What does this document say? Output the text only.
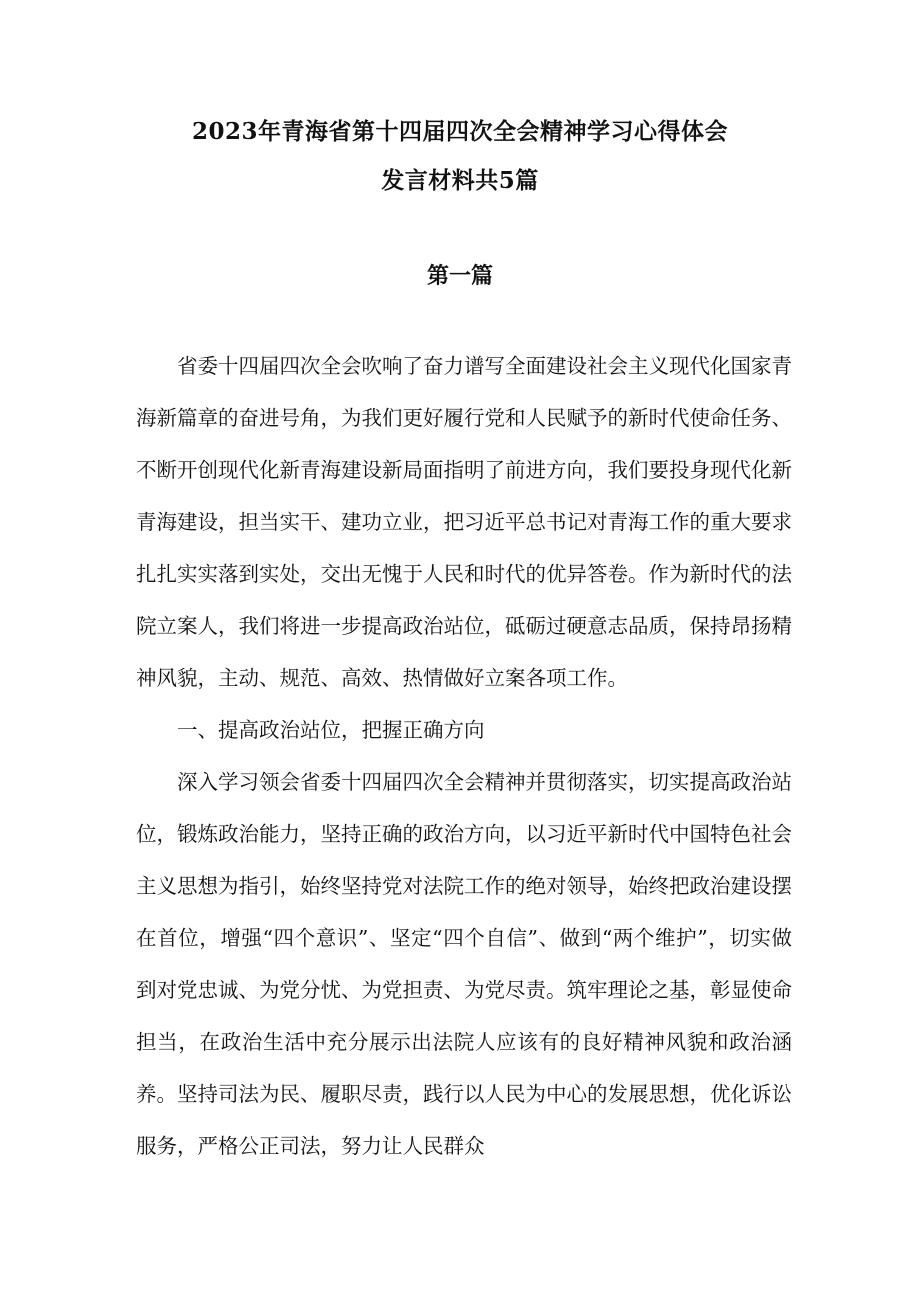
2023年青海省第十四届四次全会精神学习心得体会
发言材料共5篇
第一篇

省委十四届四次全会吹响了奋力谱写全面建设社会主义现代化国家青海新篇章的奋进号角，为我们更好履行党和人民赋予的新时代使命任务、不断开创现代化新青海建设新局面指明了前进方向，我们要投身现代化新青海建设，担当实干、建功立业，把习近平总书记对青海工作的重大要求扎扎实实落到实处，交出无愧于人民和时代的优异答卷。作为新时代的法院立案人，我们将进一步提高政治站位，砥砺过硬意志品质，保持昂扬精神风貌，主动、规范、高效、热情做好立案各项工作。

一、提高政治站位，把握正确方向

深入学习领会省委十四届四次全会精神并贯彻落实，切实提高政治站位，锻炼政治能力，坚持正确的政治方向，以习近平新时代中国特色社会主义思想为指引，始终坚持党对法院工作的绝对领导，始终把政治建设摆在首位，增强“四个意识”、坚定“四个自信”、做到“两个维护”，切实做到对党忠诚、为党分忧、为党担责、为党尽责。筑牢理论之基，彰显使命担当，在政治生活中充分展示出法院人应该有的良好精神风貌和政治涵养。坚持司法为民、履职尽责，践行以人民为中心的发展思想，优化诉讼服务，严格公正司法，努力让人民群众
